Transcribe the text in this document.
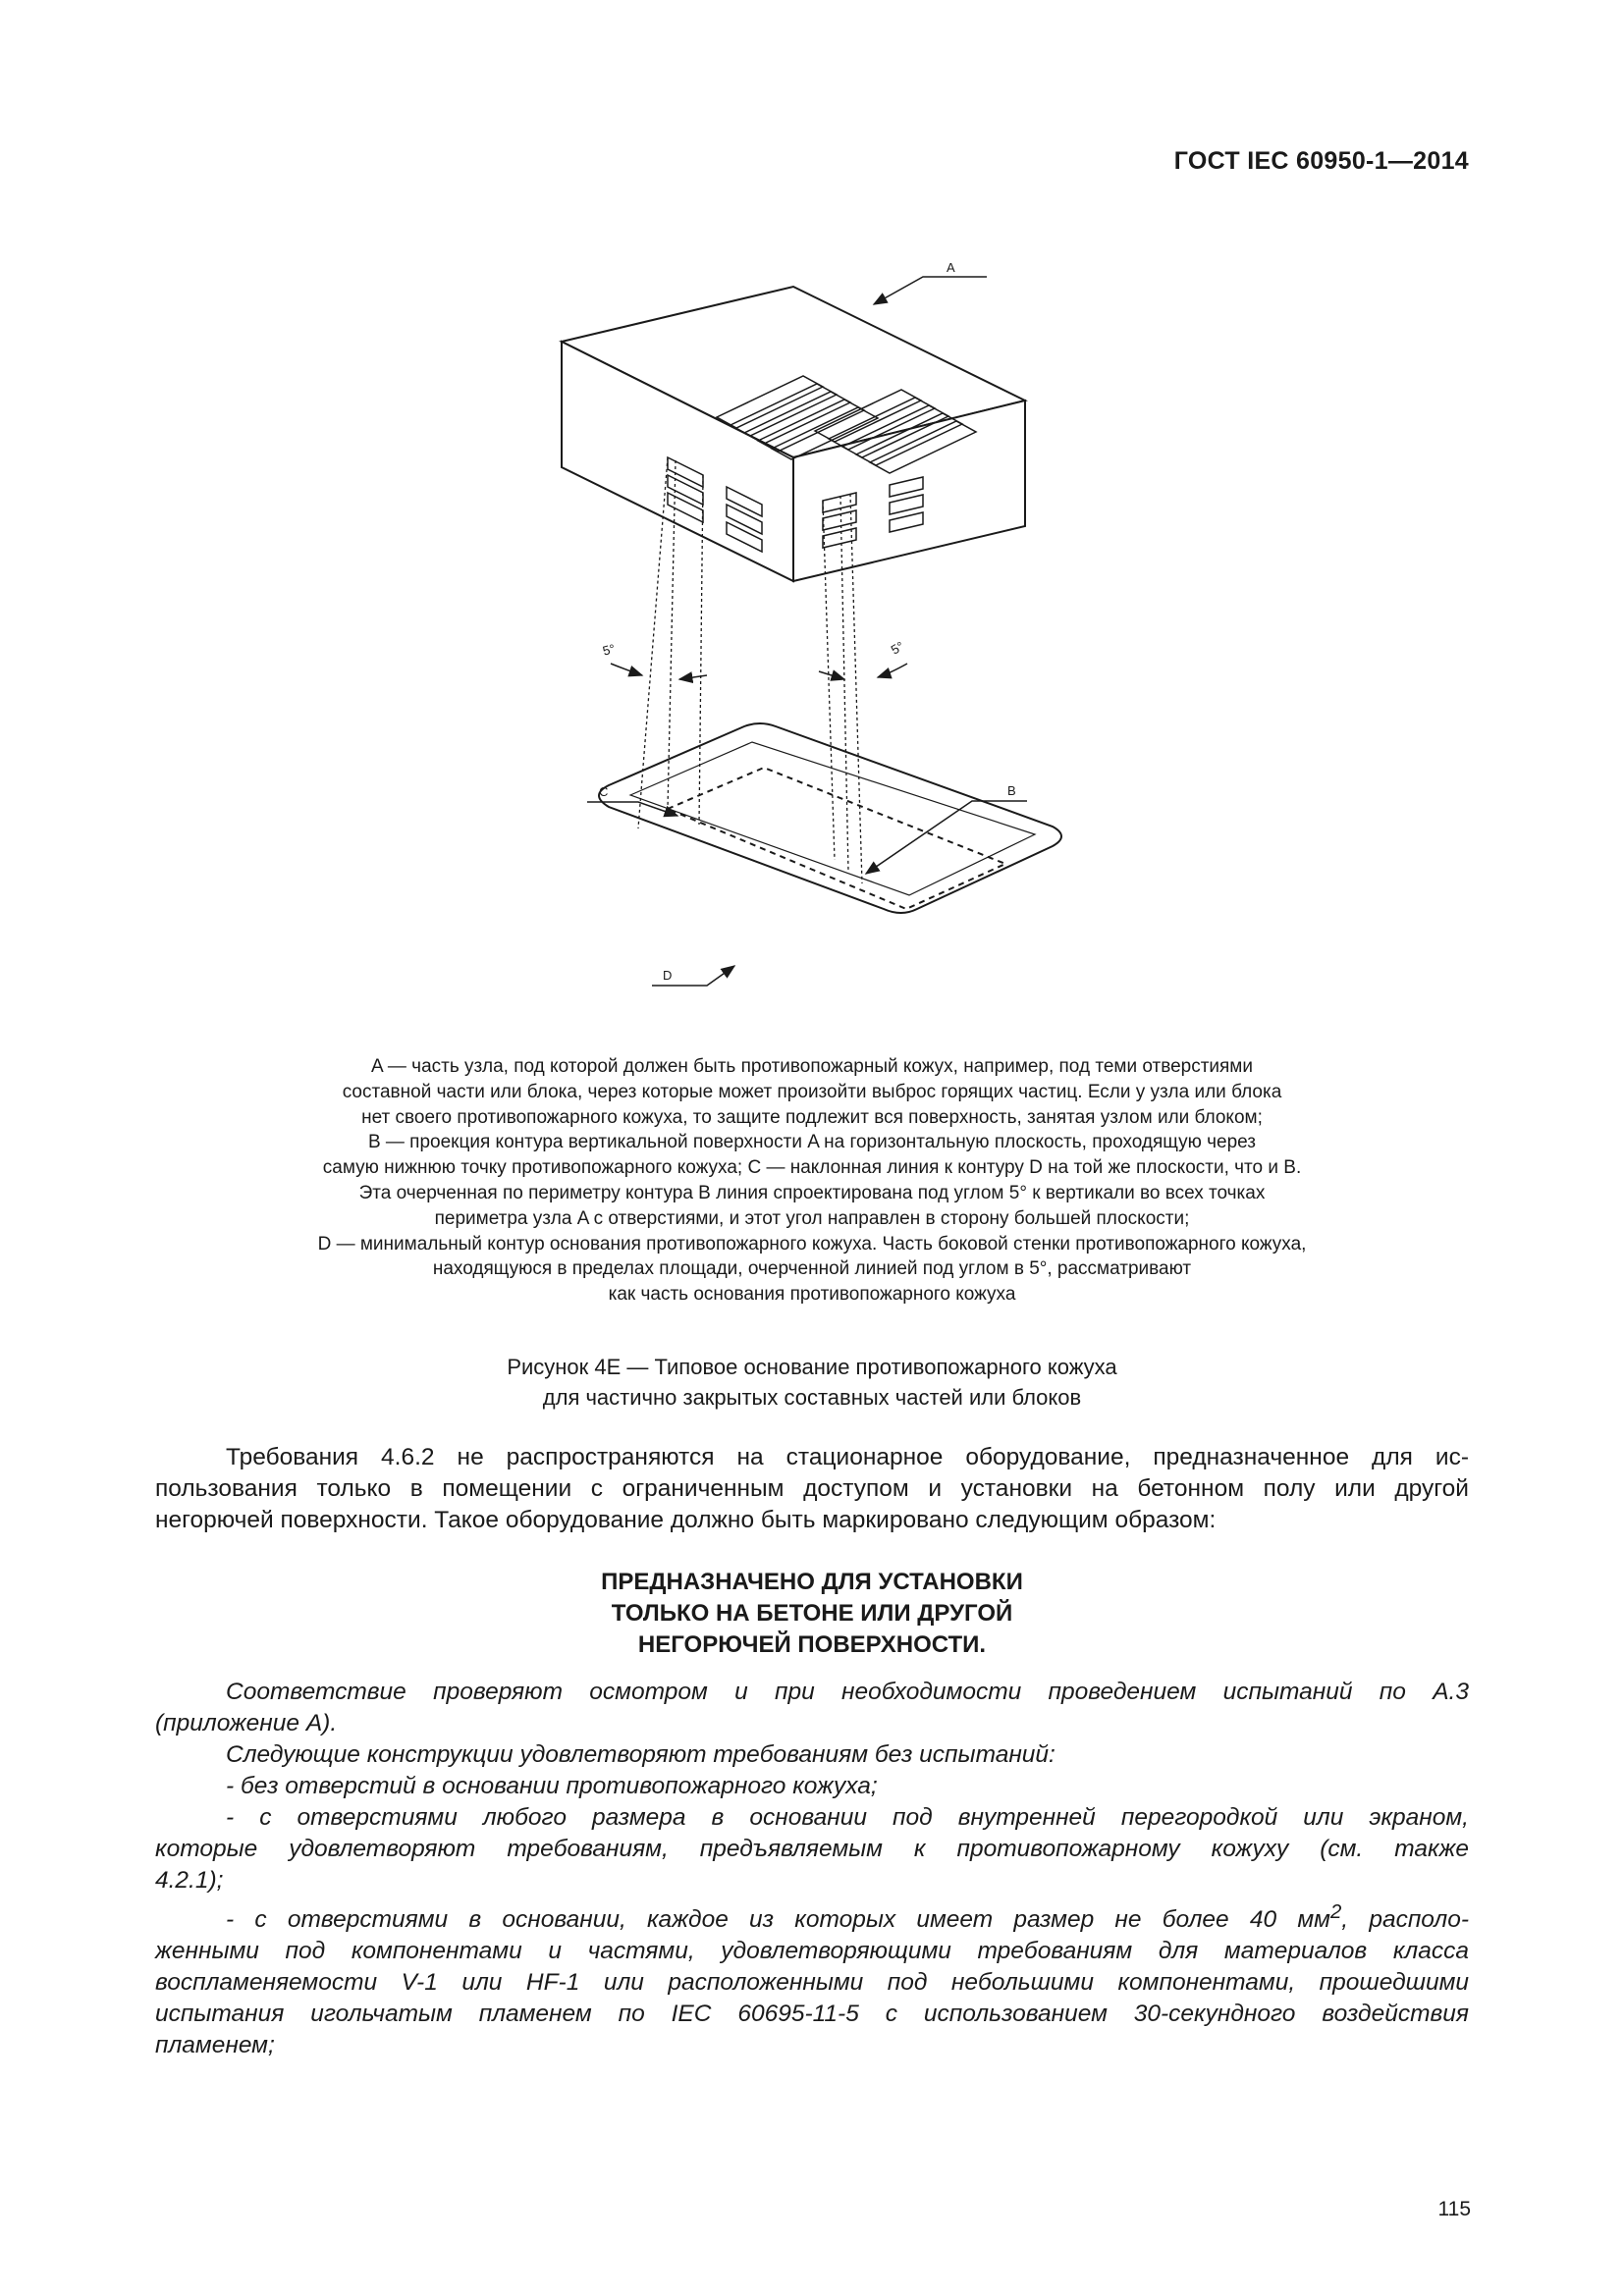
ГОСТ IEC 60950-1—2014
5°	5°
A
B
C
D
A — часть узла, под которой должен быть противопожарный кожух, например, под теми отверстиями
составной части или блока, через которые может произойти выброс горящих частиц. Если у узла или блока
нет своего противопожарного кожуха, то защите подлежит вся поверхность, занятая узлом или блоком;
B — проекция контура вертикальной поверхности A на горизонтальную плоскость, проходящую через
самую нижнюю точку противопожарного кожуха; C — наклонная линия к контуру D на той же плоскости, что и B.
Эта очерченная по периметру контура B линия спроектирована под углом 5° к вертикали во всех точках
периметра узла A с отверстиями, и этот угол направлен в сторону большей плоскости;
D — минимальный контур основания противопожарного кожуха. Часть боковой стенки противопожарного кожуха,
находящуюся в пределах площади, очерченной линией под углом в 5°, рассматривают
как часть основания противопожарного кожуха
Рисунок 4Е — Типовое основание противопожарного кожуха
для частично закрытых составных частей или блоков
Требования 4.6.2 не распространяются на стационарное оборудование, предназначенное для ис-
пользования только в помещении с ограниченным доступом и установки на бетонном полу или другой
негорючей поверхности. Такое оборудование должно быть маркировано следующим образом:
ПРЕДНАЗНАЧЕНО ДЛЯ УСТАНОВКИ
ТОЛЬКО НА БЕТОНЕ ИЛИ ДРУГОЙ
НЕГОРЮЧЕЙ ПОВЕРХНОСТИ.
Соответствие проверяют осмотром и при необходимости проведением испытаний по А.3
(приложение А).
Следующие конструкции удовлетворяют требованиям без испытаний:
- без отверстий в основании противопожарного кожуха;
- с отверстиями любого размера в основании под внутренней перегородкой или экраном,
которые удовлетворяют требованиям, предъявляемым к противопожарному кожуху (см. также
4.2.1);
- с отверстиями в основании, каждое из которых имеет размер не более 40 $мм^2$, располо-
женными под компонентами и частями, удовлетворяющими требованиям для материалов класса
воспламеняемости V-1 или HF-1 или расположенными под небольшими компонентами, прошедшими
испытания игольчатым пламенем по IEC 60695-11-5 с использованием 30-секундного воздействия
пламенем;
115
